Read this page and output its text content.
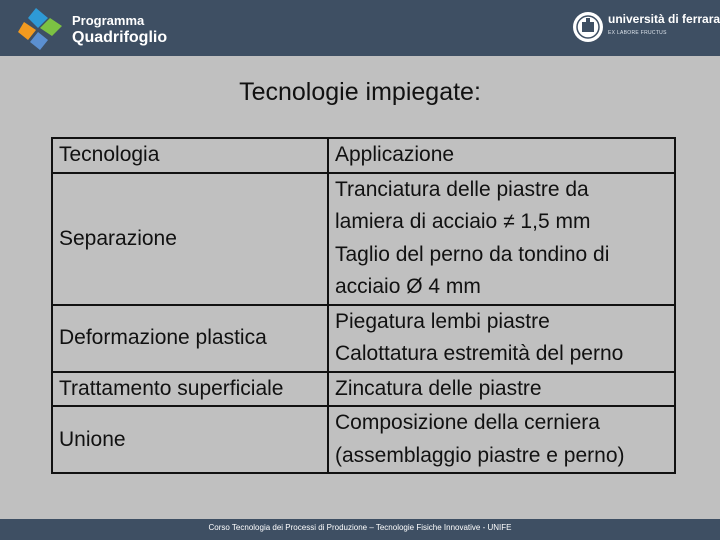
Programma
Quadrifoglio
università di ferrara
EX LABORE FRUCTUS
Tecnologie impiegate:
Tecnologia	Applicazione
Separazione	Tranciatura delle piastre da
lamiera di acciaio ≠ 1,5 mm
Taglio del perno da tondino di
acciaio Ø 4 mm

Deformazione plastica	Piegatura lembi piastre
Calottatura estremità del perno

Trattamento superficiale	Zincatura delle piastre

Unione	Composizione della cerniera
(assemblaggio piastre e perno)
Corso Tecnologia dei Processi di Produzione – Tecnologie Fisiche Innovative - UNIFE
